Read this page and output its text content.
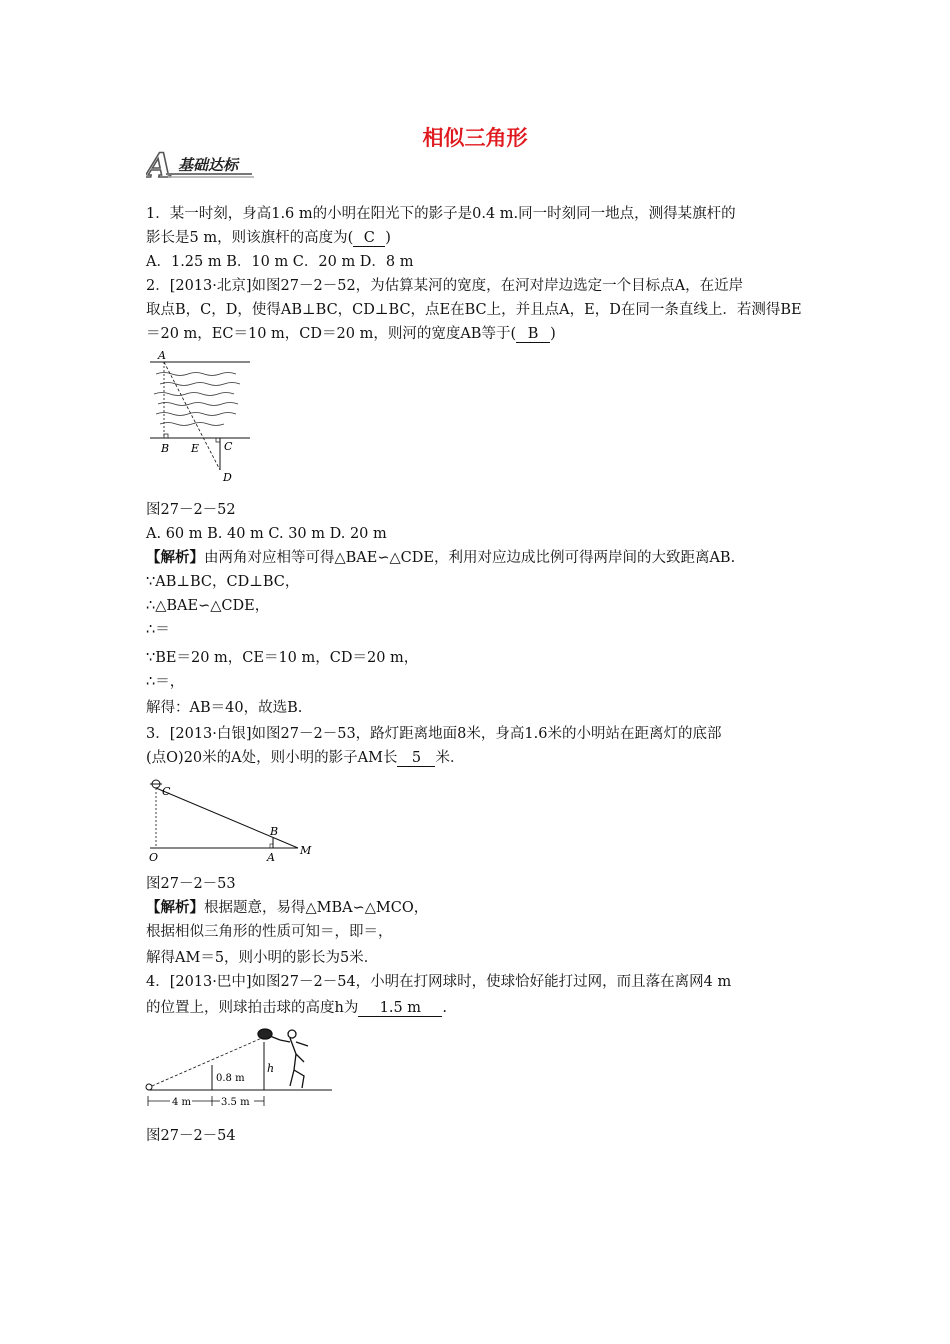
相似三角形
A 基础达标
1．某一时刻，身高1.6 m的小明在阳光下的影子是0.4 m.同一时刻同一地点，测得某旗杆的
影长是5 m，则该旗杆的高度为( C )
A．1.25 m B．10 m C．20 m D．8 m
2．[2013·北京]如图27－2－52，为估算某河的宽度，在河对岸边选定一个目标点A，在近岸
取点B，C，D，使得AB⊥BC，CD⊥BC，点E在BC上，并且点A，E，D在同一条直线上．若测得BE
＝20 m，EC＝10 m，CD＝20 m，则河的宽度AB等于( B )
A
B E C
D
图27－2－52
A. 60 m B. 40 m C. 30 m D. 20 m
【解析】由两角对应相等可得△BAE∽△CDE，利用对应边成比例可得两岸间的大致距离AB.
∵AB⊥BC，CD⊥BC，
∴△BAE∽△CDE，
∴＝
∵BE＝20 m，CE＝10 m，CD＝20 m，
∴＝，
解得：AB＝40，故选B.
3．[2013·白银]如图27－2－53，路灯距离地面8米，身高1.6米的小明站在距离灯的底部
(点O)20米的A处，则小明的影子AM长 5 米．
C
B
O	A
M
图27－2－53
【解析】根据题意，易得△MBA∽△MCO，
根据相似三角形的性质可知＝，即＝，
解得AM＝5，则小明的影长为5米．
4．[2013·巴中]如图27－2－54，小明在打网球时，使球恰好能打过网，而且落在离网4 m
的位置上，则球拍击球的高度h为 1.5 m .
0.8 m
h
4 m	3.5 m
图27－2－54
